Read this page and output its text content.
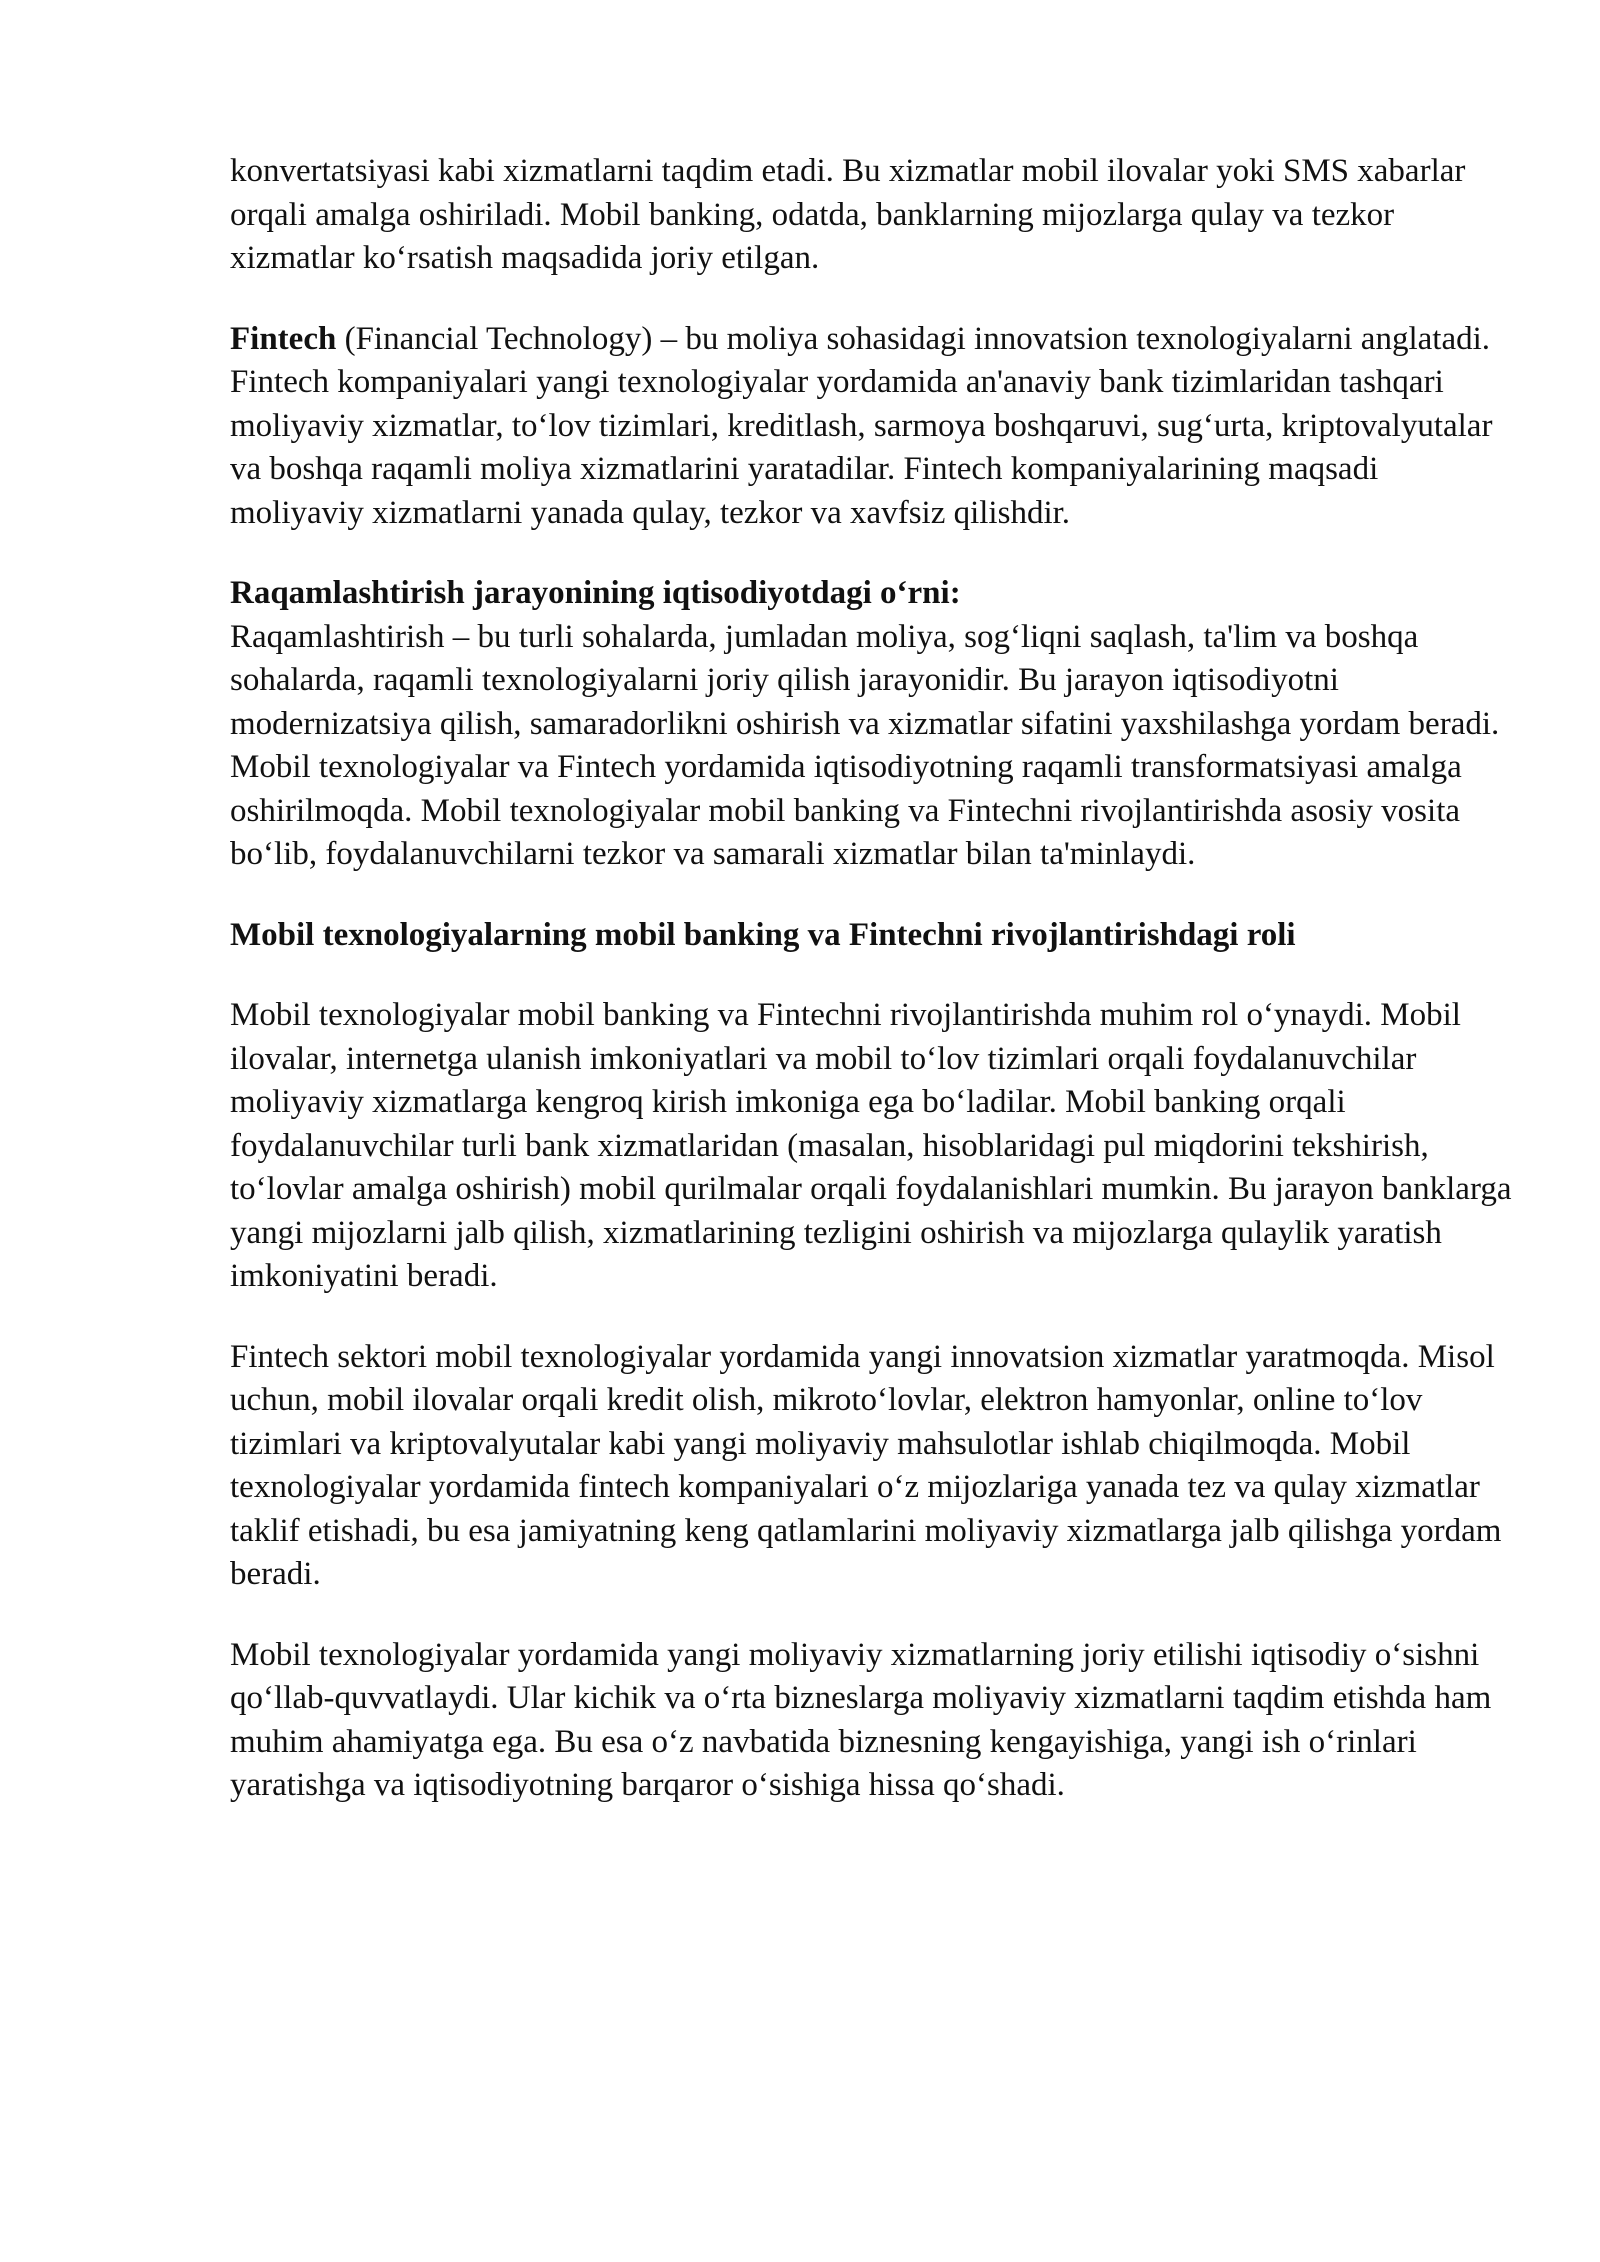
konvertatsiyasi kabi xizmatlarni taqdim etadi. Bu xizmatlar mobil ilovalar yoki SMS xabarlar orqali amalga oshiriladi. Mobil banking, odatda, banklarning mijozlarga qulay va tezkor xizmatlar koʻrsatish maqsadida joriy etilgan.

Fintech (Financial Technology) – bu moliya sohasidagi innovatsion texnologiyalarni anglatadi. Fintech kompaniyalari yangi texnologiyalar yordamida an'anaviy bank tizimlaridan tashqari moliyaviy xizmatlar, toʻlov tizimlari, kreditlash, sarmoya boshqaruvi, sugʻurta, kriptovalyutalar va boshqa raqamli moliya xizmatlarini yaratadilar. Fintech kompaniyalarining maqsadi moliyaviy xizmatlarni yanada qulay, tezkor va xavfsiz qilishdir.

Raqamlashtirish jarayonining iqtisodiyotdagi oʻrni:

Raqamlashtirish – bu turli sohalarda, jumladan moliya, sogʻliqni saqlash, ta'lim va boshqa sohalarda, raqamli texnologiyalarni joriy qilish jarayonidir. Bu jarayon iqtisodiyotni modernizatsiya qilish, samaradorlikni oshirish va xizmatlar sifatini yaxshilashga yordam beradi. Mobil texnologiyalar va Fintech yordamida iqtisodiyotning raqamli transformatsiyasi amalga oshirilmoqda. Mobil texnologiyalar mobil banking va Fintechni rivojlantirishda asosiy vosita boʻlib, foydalanuvchilarni tezkor va samarali xizmatlar bilan ta'minlaydi.

Mobil texnologiyalarning mobil banking va Fintechni rivojlantirishdagi roli

Mobil texnologiyalar mobil banking va Fintechni rivojlantirishda muhim rol oʻynaydi. Mobil ilovalar, internetga ulanish imkoniyatlari va mobil toʻlov tizimlari orqali foydalanuvchilar moliyaviy xizmatlarga kengroq kirish imkoniga ega boʻladilar. Mobil banking orqali foydalanuvchilar turli bank xizmatlaridan (masalan, hisoblaridagi pul miqdorini tekshirish, toʻlovlar amalga oshirish) mobil qurilmalar orqali foydalanishlari mumkin. Bu jarayon banklarga yangi mijozlarni jalb qilish, xizmatlarining tezligini oshirish va mijozlarga qulaylik yaratish imkoniyatini beradi.

Fintech sektori mobil texnologiyalar yordamida yangi innovatsion xizmatlar yaratmoqda. Misol uchun, mobil ilovalar orqali kredit olish, mikrotoʻlovlar, elektron hamyonlar, online toʻlov tizimlari va kriptovalyutalar kabi yangi moliyaviy mahsulotlar ishlab chiqilmoqda. Mobil texnologiyalar yordamida fintech kompaniyalari oʻz mijozlariga yanada tez va qulay xizmatlar taklif etishadi, bu esa jamiyatning keng qatlamlarini moliyaviy xizmatlarga jalb qilishga yordam beradi.

Mobil texnologiyalar yordamida yangi moliyaviy xizmatlarning joriy etilishi iqtisodiy oʻsishni qoʻllab-quvvatlaydi. Ular kichik va oʻrta bizneslarga moliyaviy xizmatlarni taqdim etishda ham muhim ahamiyatga ega. Bu esa oʻz navbatida biznesning kengayishiga, yangi ish oʻrinlari yaratishga va iqtisodiyotning barqaror oʻsishiga hissa qoʻshadi.
